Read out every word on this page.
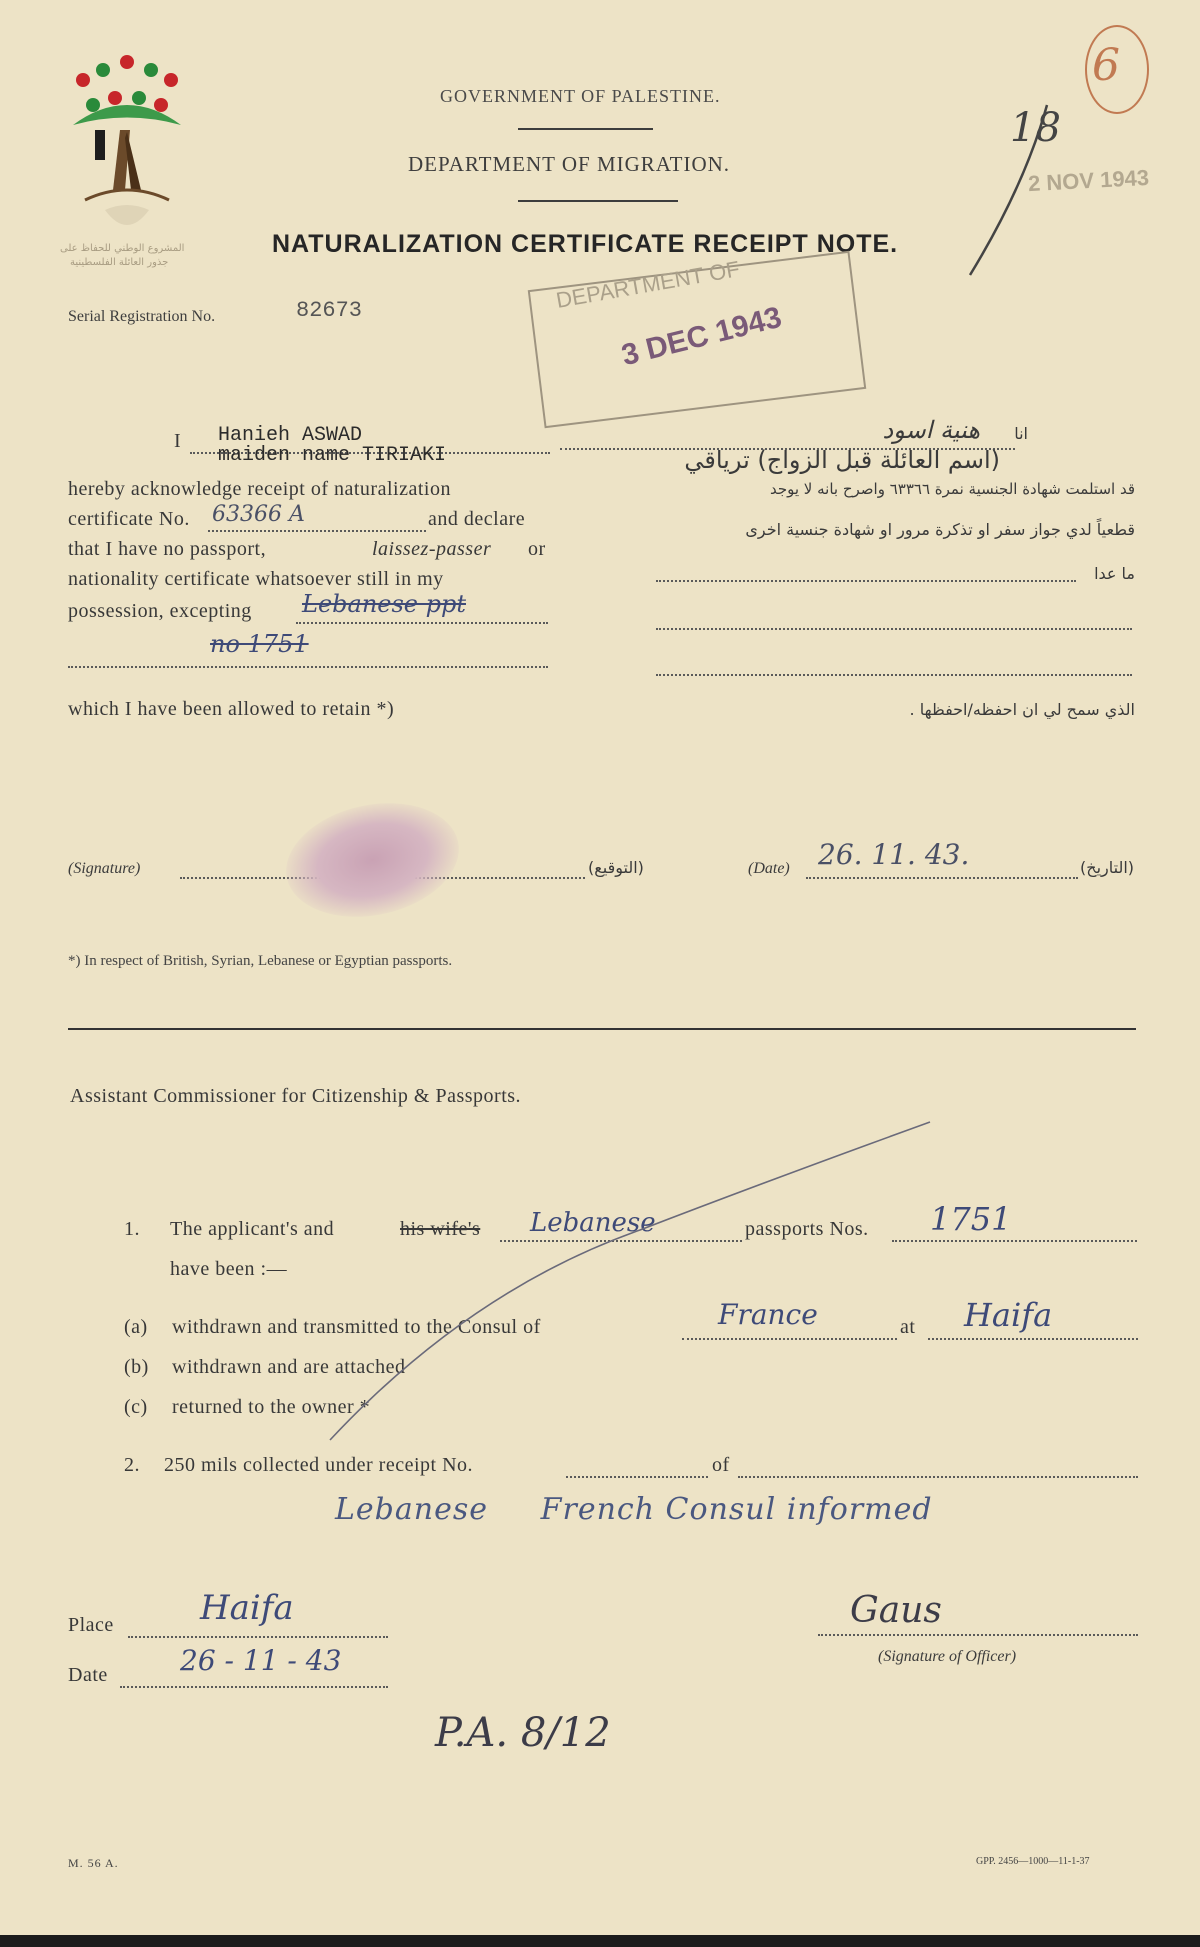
المشروع الوطني للحفاظ على
جذور العائلة الفلسطينية
GOVERNMENT OF PALESTINE.
DEPARTMENT OF MIGRATION.
NATURALIZATION CERTIFICATE RECEIPT NOTE.
6
18
2 NOV 1943
Serial Registration No.	82673	DEPARTMENT OF
3 DEC 1943
I Hanieh ASWAD
maiden name TIRIAKI
hereby acknowledge receipt of naturalization
certificate No. 63366 A	and declare
that I have no passport,	laissez-passer or
nationality certificate whatsoever still in my
possession, excepting Lebanese ppt
no 1751
which I have been allowed to retain *)
انا
هنية اسود
(اسم العائلة قبل الزواج) ترياقي
قد استلمت شهادة الجنسية نمرة ٦٣٣٦٦ واصرح بانه لا يوجد
قطعياً لدي جواز سفر او تذكرة مرور او شهادة جنسية اخرى
ما عدا
الذي سمح لي ان احفظه/احفظها .
(Signature)	(التوقيع)	(Date) 26. 11. 43.	(التاريخ)
*) In respect of British, Syrian, Lebanese or Egyptian passports.
Assistant Commissioner for Citizenship & Passports.
1. The applicant's and	his wife's Lebanese	passports Nos. 1751
have been :—
(a) withdrawn and transmitted to the Consul of	France	at Haifa
(b) withdrawn and are attached
(c) returned to the owner *
2. 250 mils collected under receipt No.	of
Lebanese     French Consul informed
Place	Haifa
Date	26 - 11 - 43
Gaus
(Signature of Officer)
P.A. 8/12
M. 56 A.	GPP. 2456—1000—11-1-37
